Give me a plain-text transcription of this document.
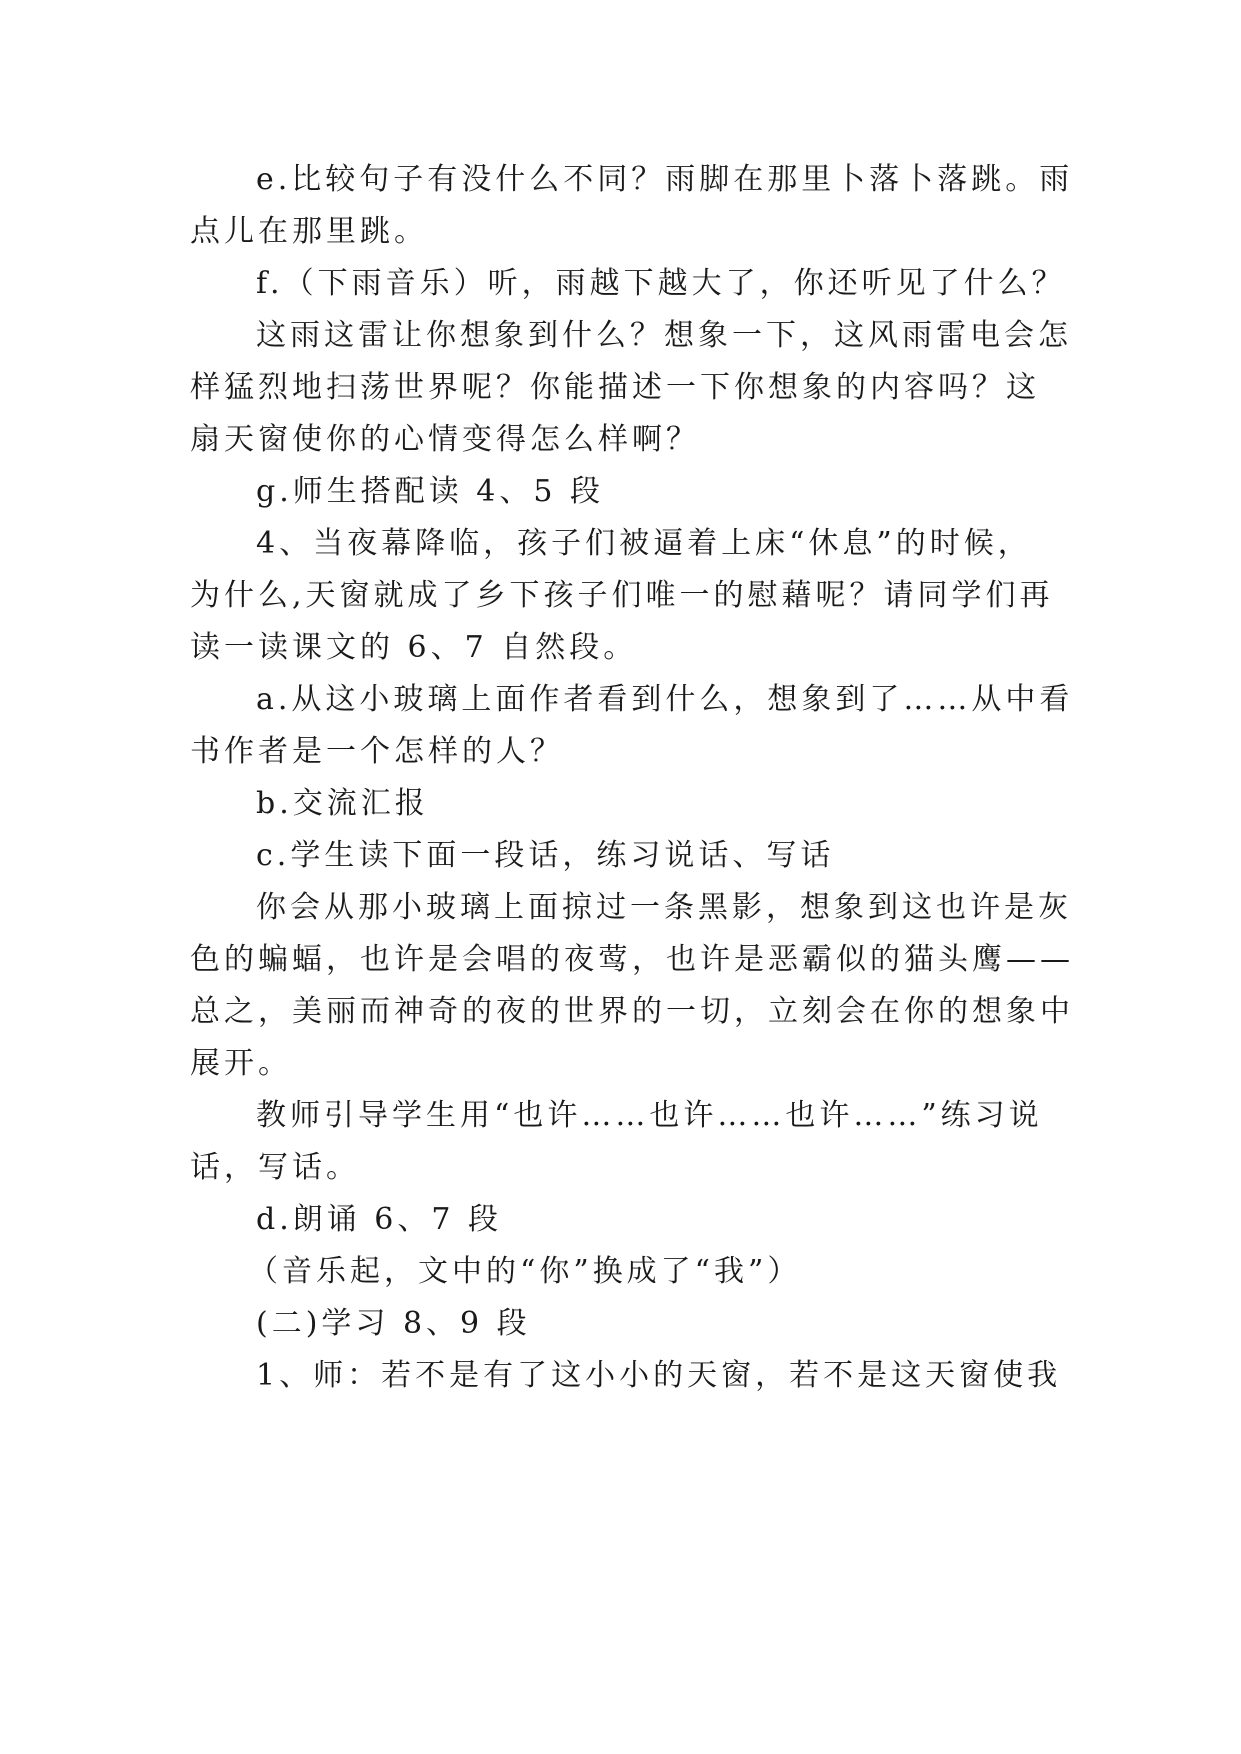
e.比较句子有没什么不同？雨脚在那里卜落卜落跳。雨
点儿在那里跳。
f.（下雨音乐）听，雨越下越大了，你还听见了什么？
这雨这雷让你想象到什么？想象一下，这风雨雷电会怎
样猛烈地扫荡世界呢？你能描述一下你想象的内容吗？这
扇天窗使你的心情变得怎么样啊？
g.师生搭配读 4、5 段
4、当夜幕降临，孩子们被逼着上床“休息”的时候，
为什么,天窗就成了乡下孩子们唯一的慰藉呢？请同学们再
读一读课文的 6、7 自然段。
a.从这小玻璃上面作者看到什么，想象到了……从中看
书作者是一个怎样的人？
b.交流汇报
c.学生读下面一段话，练习说话、写话
你会从那小玻璃上面掠过一条黑影，想象到这也许是灰
色的蝙蝠，也许是会唱的夜莺，也许是恶霸似的猫头鹰——
总之，美丽而神奇的夜的世界的一切，立刻会在你的想象中
展开。
教师引导学生用“也许……也许……也许……”练习说
话，写话。
d.朗诵 6、7 段
（音乐起，文中的“你”换成了“我”）
(二)学习 8、9 段
1、师：若不是有了这小小的天窗，若不是这天窗使我
